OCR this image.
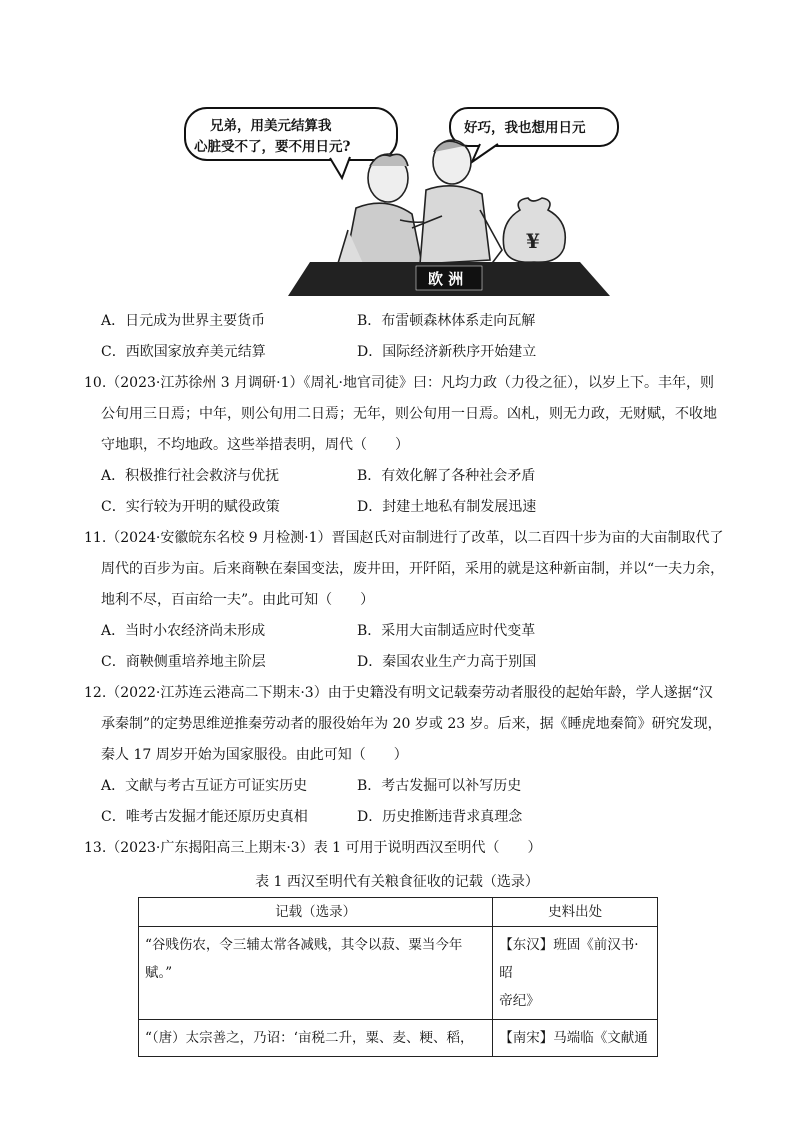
兄弟，用美元结算我
心脏受不了，要不用日元?
好巧，我也想用日元
¥
欧 洲
A．日元成为世界主要货币	B．布雷顿森林体系走向瓦解
C．西欧国家放弃美元结算	D．国际经济新秩序开始建立
10.（2023·江苏徐州 3 月调研·1）《周礼·地官司徒》曰：凡均力政（力役之征），以岁上下。丰年，则
公旬用三日焉；中年，则公旬用二日焉；无年，则公旬用一日焉。凶札，则无力政，无财赋，不收地
守地职，不均地政。这些举措表明，周代（　　）
A．积极推行社会救济与优抚	B．有效化解了各种社会矛盾
C．实行较为开明的赋役政策	D．封建土地私有制发展迅速
11.（2024·安徽皖东名校 9 月检测·1）晋国赵氏对亩制进行了改革，以二百四十步为亩的大亩制取代了
周代的百步为亩。后来商鞅在秦国变法，废井田，开阡陌，采用的就是这种新亩制，并以“一夫力余，
地利不尽，百亩给一夫”。由此可知（　　）
A．当时小农经济尚未形成	B．采用大亩制适应时代变革
C．商鞅侧重培养地主阶层	D．秦国农业生产力高于别国
12.（2022·江苏连云港高二下期末·3）由于史籍没有明文记载秦劳动者服役的起始年龄，学人遂据“汉
承秦制”的定势思维逆推秦劳动者的服役始年为 20 岁或 23 岁。后来，据《睡虎地秦简》研究发现，
秦人 17 周岁开始为国家服役。由此可知（　　）
A．文献与考古互证方可证实历史	B．考古发掘可以补写历史
C．唯考古发掘才能还原历史真相	D．历史推断违背求真理念
13.（2023·广东揭阳高三上期末·3）表 1 可用于说明西汉至明代（　　）
表 1 西汉至明代有关粮食征收的记载（选录）
记载（选录）	史料出处
“谷贱伤农，令三辅太常各减贱，其令以菽、粟当今年赋。”	【东汉】班固《前汉书·昭
帝纪》
“（唐）太宗善之，乃诏：‘亩税二升，粟、麦、粳、稻，	【南宋】马端临《文献通
